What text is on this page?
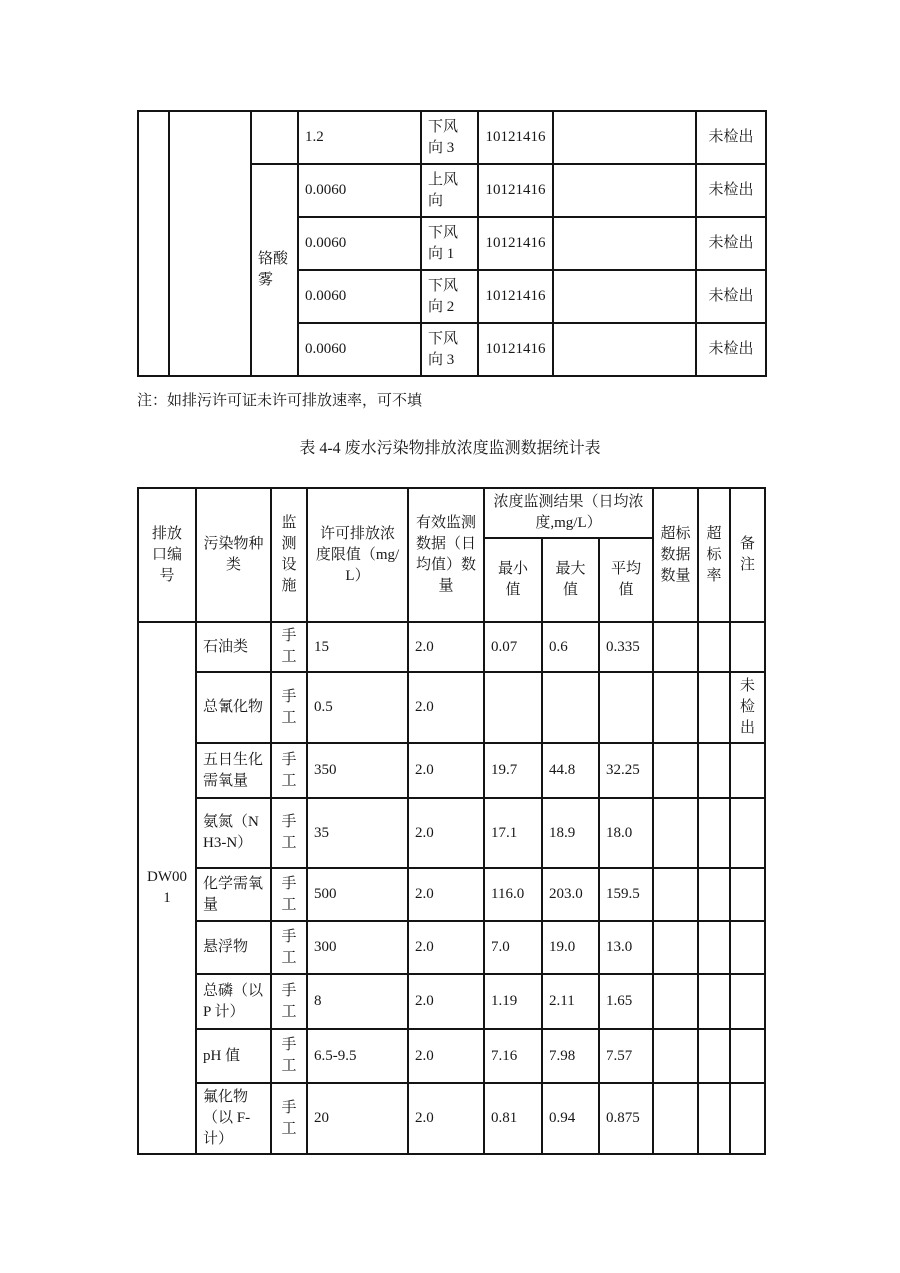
			1.2	下风向 3	10121416		未检出
		铬酸雾	0.0060	上风向	10121416		未检出
			0.0060	下风向 1	10121416		未检出
			0.0060	下风向 2	10121416		未检出
			0.0060	下风向 3	10121416		未检出
注：如排污许可证未许可排放速率，可不填
表 4-4 废水污染物排放浓度监测数据统计表
排放口编号	污染物种类	监测设施	许可排放浓度限值（mg/L）	有效监测数据（日均值）数量	浓度监测结果（日均浓度,mg/L）			超标数据数量	超标率	备注
					最小值	最大值	平均值			
DW001	石油类	手工	15	2.0	0.07	0.6	0.335			
	总氰化物	手工	0.5	2.0						未检出
	五日生化需氧量	手工	350	2.0	19.7	44.8	32.25			
	氨氮（NH3-N）	手工	35	2.0	17.1	18.9	18.0			
	化学需氧量	手工	500	2.0	116.0	203.0	159.5			
	悬浮物	手工	300	2.0	7.0	19.0	13.0			
	总磷（以P 计）	手工	8	2.0	1.19	2.11	1.65			
	pH 值	手工	6.5-9.5	2.0	7.16	7.98	7.57			
	氟化物（以 F-计）	手工	20	2.0	0.81	0.94	0.875			
